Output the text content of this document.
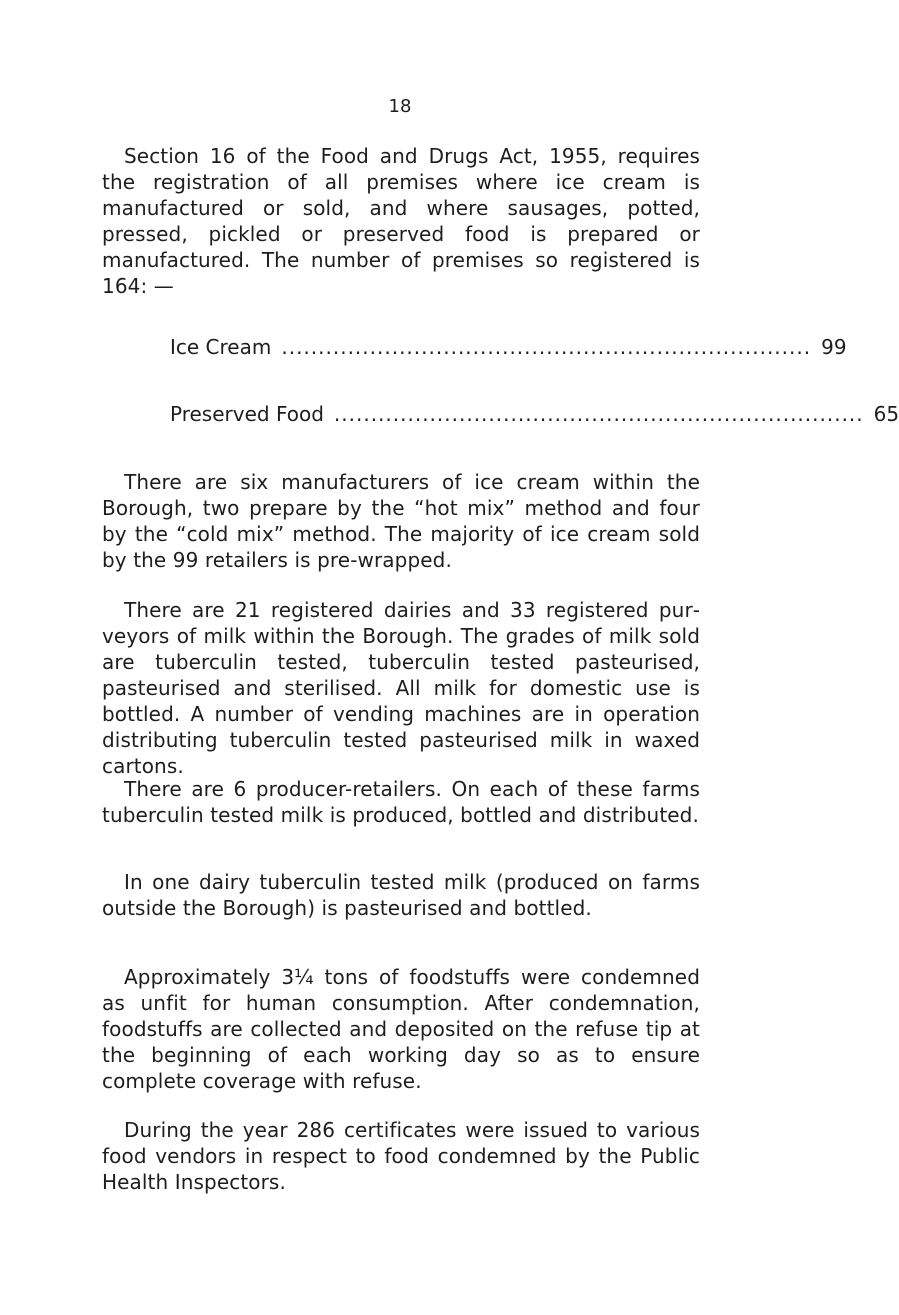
18

Section 16 of the Food and Drugs Act, 1955, requires the registration of all premises where ice cream is manufactured or sold, and where sausages, potted, pressed, pickled or preserved food is prepared or manufactured. The number of premises so registered is 164: —

Ice Cream ........................................................................ 99
Preserved Food ........................................................................ 65

There are six manufacturers of ice cream within the Borough, two prepare by the “hot mix” method and four by the “cold mix” method. The majority of ice cream sold by the 99 retailers is pre-wrapped.

There are 21 registered dairies and 33 registered purveyors of milk within the Borough. The grades of milk sold are tuberculin tested, tuberculin tested pasteurised, pasteurised and sterilised. All milk for domestic use is bottled. A number of vending machines are in operation distributing tuberculin tested pasteurised milk in waxed cartons.

There are 6 producer-retailers. On each of these farms tuberculin tested milk is produced, bottled and distributed.

In one dairy tuberculin tested milk (produced on farms outside the Borough) is pasteurised and bottled.

Approximately 3¼ tons of foodstuffs were condemned as unfit for human consumption. After condemnation, foodstuffs are collected and deposited on the refuse tip at the beginning of each working day so as to ensure complete coverage with refuse.

During the year 286 certificates were issued to various food vendors in respect to food condemned by the Public Health Inspectors.
